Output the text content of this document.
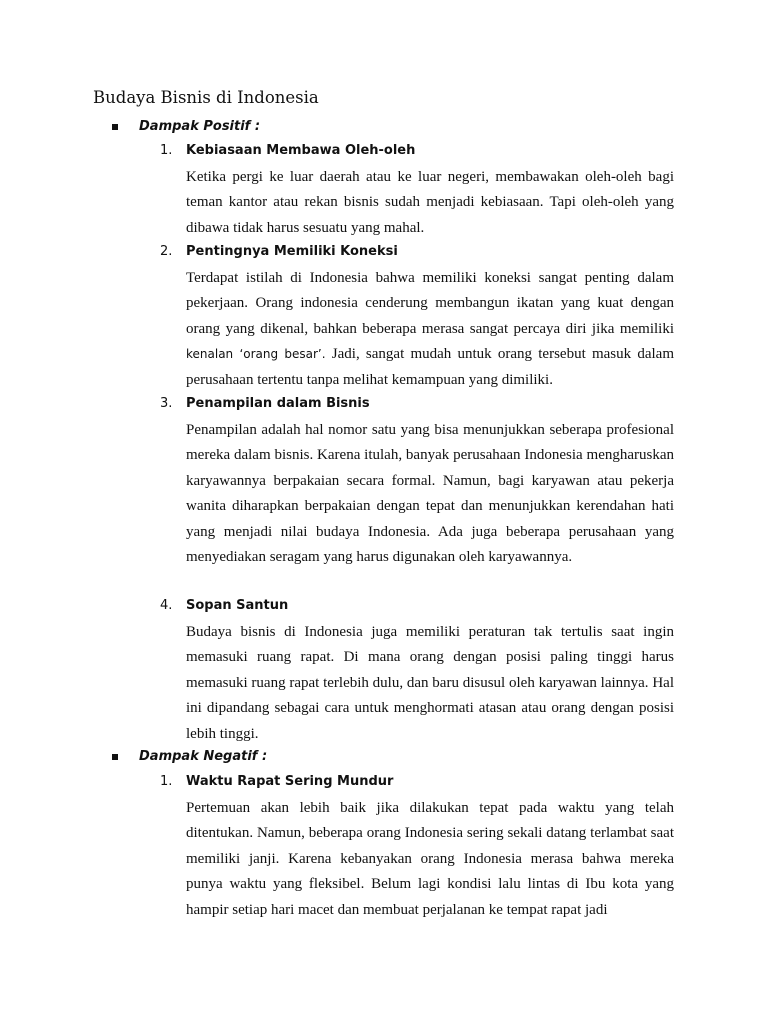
Budaya Bisnis di Indonesia
Dampak Positif :
1.	Kebiasaan Membawa Oleh-oleh

Ketika pergi ke luar daerah atau ke luar negeri, membawakan oleh-oleh bagi teman kantor atau rekan bisnis sudah menjadi kebiasaan. Tapi oleh-oleh yang dibawa tidak harus sesuatu yang mahal.

2.	Pentingnya Memiliki Koneksi

Terdapat istilah di Indonesia bahwa memiliki koneksi sangat penting dalam pekerjaan. Orang indonesia cenderung membangun ikatan yang kuat dengan orang yang dikenal, bahkan beberapa merasa sangat percaya diri jika memiliki kenalan ‘orang besar’. Jadi, sangat mudah untuk orang tersebut masuk dalam perusahaan tertentu tanpa melihat kemampuan yang dimiliki.

3.	Penampilan dalam Bisnis

Penampilan adalah hal nomor satu yang bisa menunjukkan seberapa profesional mereka dalam bisnis. Karena itulah, banyak perusahaan Indonesia mengharuskan karyawannya berpakaian secara formal. Namun, bagi karyawan atau pekerja wanita diharapkan berpakaian dengan tepat dan menunjukkan kerendahan hati yang menjadi nilai budaya Indonesia. Ada juga beberapa perusahaan yang menyediakan seragam yang harus digunakan oleh karyawannya.

4.	Sopan Santun

Budaya bisnis di Indonesia juga memiliki peraturan tak tertulis saat ingin memasuki ruang rapat. Di mana orang dengan posisi paling tinggi harus memasuki ruang rapat terlebih dulu, dan baru disusul oleh karyawan lainnya. Hal ini dipandang sebagai cara untuk menghormati atasan atau orang dengan posisi lebih tinggi.

Dampak Negatif :
1.	Waktu Rapat Sering Mundur

Pertemuan akan lebih baik jika dilakukan tepat pada waktu yang telah ditentukan. Namun, beberapa orang Indonesia sering sekali datang terlambat saat memiliki janji. Karena kebanyakan orang Indonesia merasa bahwa mereka punya waktu yang fleksibel. Belum lagi kondisi lalu lintas di Ibu kota yang hampir setiap hari macet dan membuat perjalanan ke tempat rapat jadi
